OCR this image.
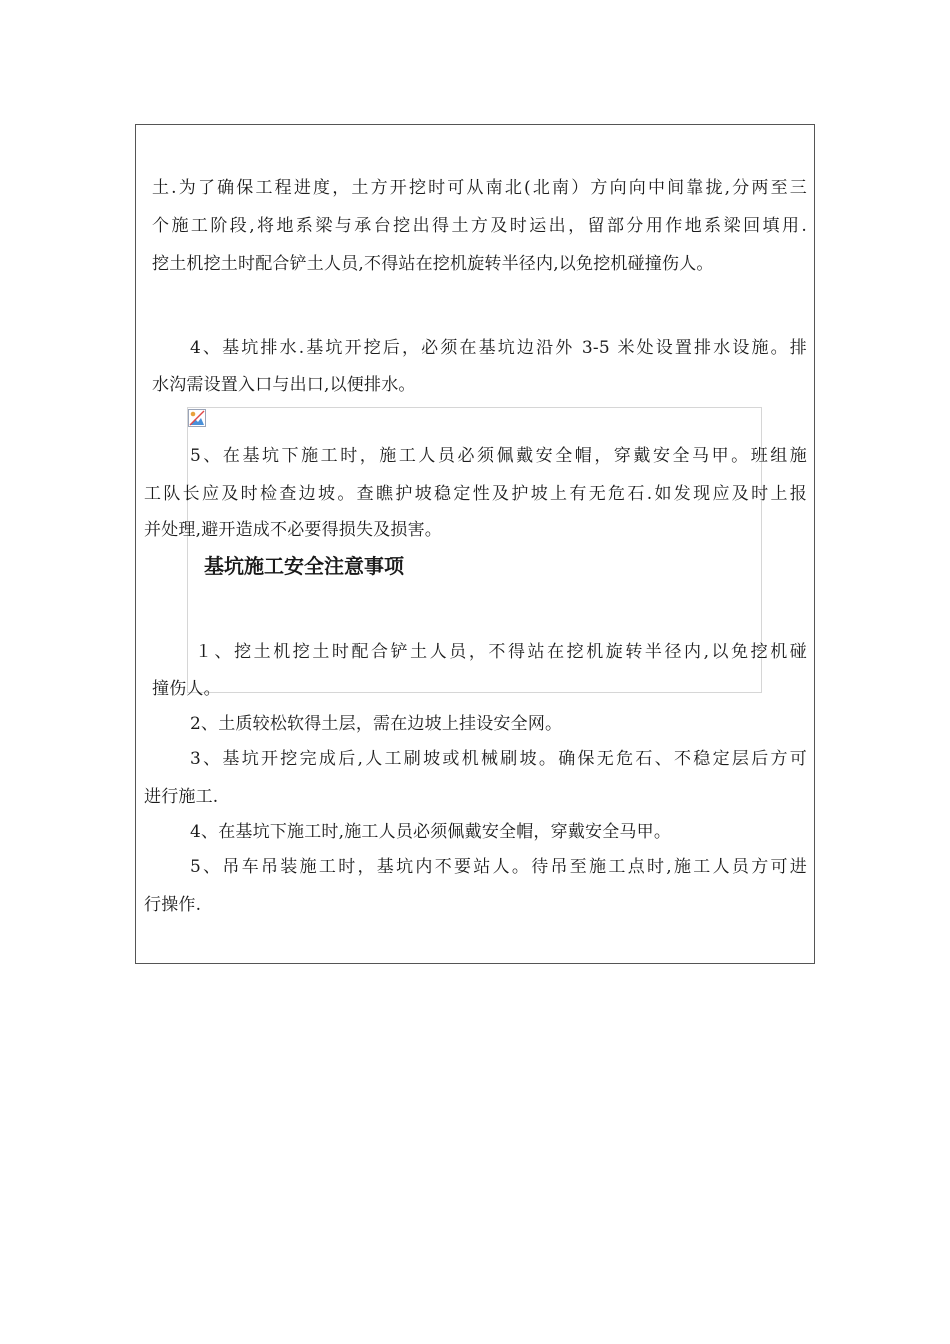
土.为了确保工程进度，土方开挖时可从南北(北南）方向向中间靠拢,分两至三
个施工阶段,将地系梁与承台挖出得土方及时运出，留部分用作地系梁回填用.
挖土机挖土时配合铲土人员,不得站在挖机旋转半径内,以免挖机碰撞伤人。
4、基坑排水.基坑开挖后，必须在基坑边沿外 3-5 米处设置排水设施。排
水沟需设置入口与出口,以便排水。
5、在基坑下施工时，施工人员必须佩戴安全帽，穿戴安全马甲。班组施
工队长应及时检查边坡。查瞧护坡稳定性及护坡上有无危石.如发现应及时上报
并处理,避开造成不必要得损失及损害。
基坑施工安全注意事项
１、挖土机挖土时配合铲土人员，不得站在挖机旋转半径内,以免挖机碰
撞伤人。
2、土质较松软得土层，需在边坡上挂设安全网。
3、基坑开挖完成后,人工刷坡或机械刷坡。确保无危石、不稳定层后方可
进行施工.
4、在基坑下施工时,施工人员必须佩戴安全帽，穿戴安全马甲。
5、吊车吊装施工时，基坑内不要站人。待吊至施工点时,施工人员方可进
行操作.
